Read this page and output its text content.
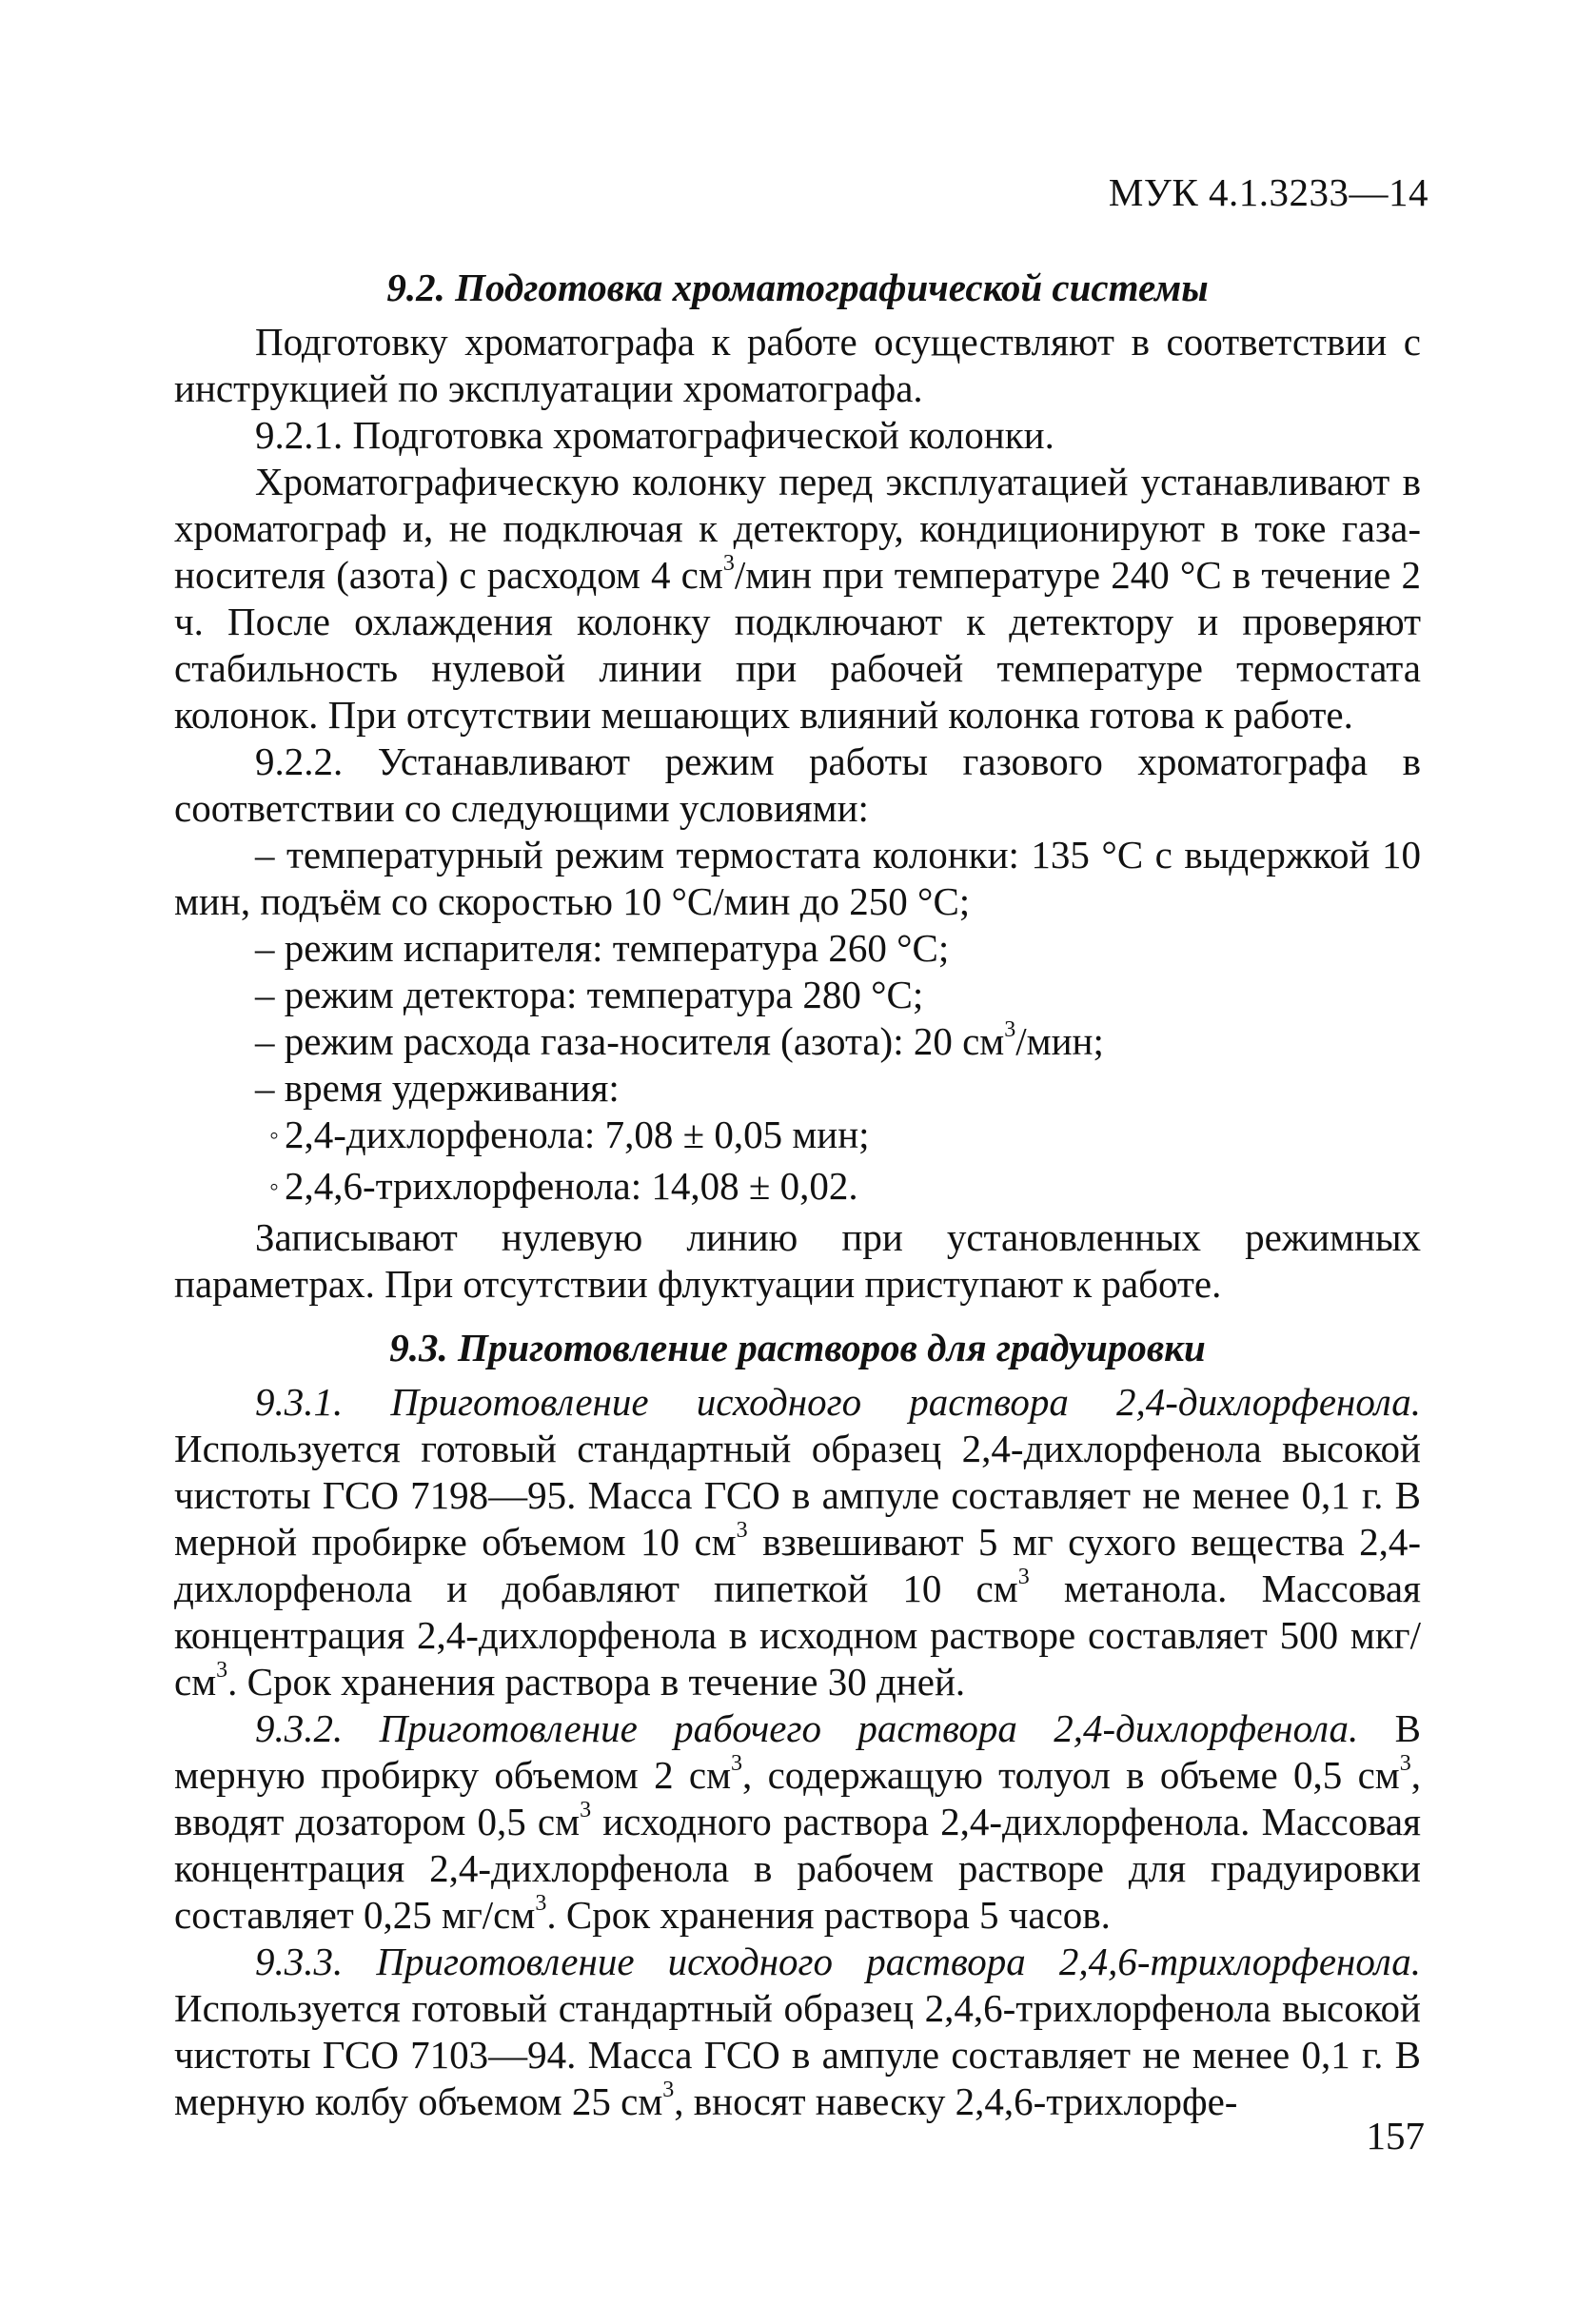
МУК 4.1.3233—14
9.2. Подготовка хроматографической системы

Подготовку хроматографа к работе осуществляют в соответствии с инструкцией по эксплуатации хроматографа.

9.2.1. Подготовка хроматографической колонки.

Хроматографическую колонку перед эксплуатацией устанавливают в хроматограф и, не подключая к детектору, кондиционируют в токе газа-носителя (азота) с расходом 4 $см^3$/мин при температуре 240 °С в течение 2 ч. После охлаждения колонку подключают к детектору и проверяют стабильность нулевой линии при рабочей температуре термостата колонок. При отсутствии мешающих влияний колонка готова к работе.

9.2.2. Устанавливают режим работы газового хроматографа в соответствии со следующими условиями:

– температурный режим термостата колонки: 135 °С с выдержкой 10 мин, подъём со скоростью 10 °С/мин до 250 °С;

– режим испарителя: температура 260 °С;

– режим детектора: температура 280 °С;

– режим расхода газа-носителя (азота): 20 $см^3$/мин;

– время удерживания:

◦ 2,4-дихлорфенола: 7,08 ± 0,05 мин;
◦ 2,4,6-трихлорфенола: 14,08 ± 0,02.

Записывают нулевую линию при установленных режимных параметрах. При отсутствии флуктуации приступают к работе.

9.3. Приготовление растворов для градуировки

9.3.1. Приготовление исходного раствора 2,4-дихлорфенола. Используется готовый стандартный образец 2,4-дихлорфенола высокой чистоты ГСО 7198—95. Масса ГСО в ампуле составляет не менее 0,1 г. В мерной пробирке объемом 10 $см^3$ взвешивают 5 мг сухого вещества 2,4-дихлорфенола и добавляют пипеткой 10 $см^3$ метанола. Массовая концентрация 2,4-дихлорфенола в исходном растворе составляет 500 мкг/$см^3$. Срок хранения раствора в течение 30 дней.

9.3.2. Приготовление рабочего раствора 2,4-дихлорфенола. В мерную пробирку объемом 2 $см^3$, содержащую толуол в объеме 0,5 $см^3$, вводят дозатором 0,5 $см^3$ исходного раствора 2,4-дихлорфенола. Массовая концентрация 2,4-дихлорфенола в рабочем растворе для градуировки составляет 0,25 $мг/см^3$. Срок хранения раствора 5 часов.

9.3.3. Приготовление исходного раствора 2,4,6-трихлорфенола. Используется готовый стандартный образец 2,4,6-трихлорфенола высокой чистоты ГСО 7103—94. Масса ГСО в ампуле составляет не менее 0,1 г. В мерную колбу объемом 25 $см^3$, вносят навеску 2,4,6-трихлорфе-

157
